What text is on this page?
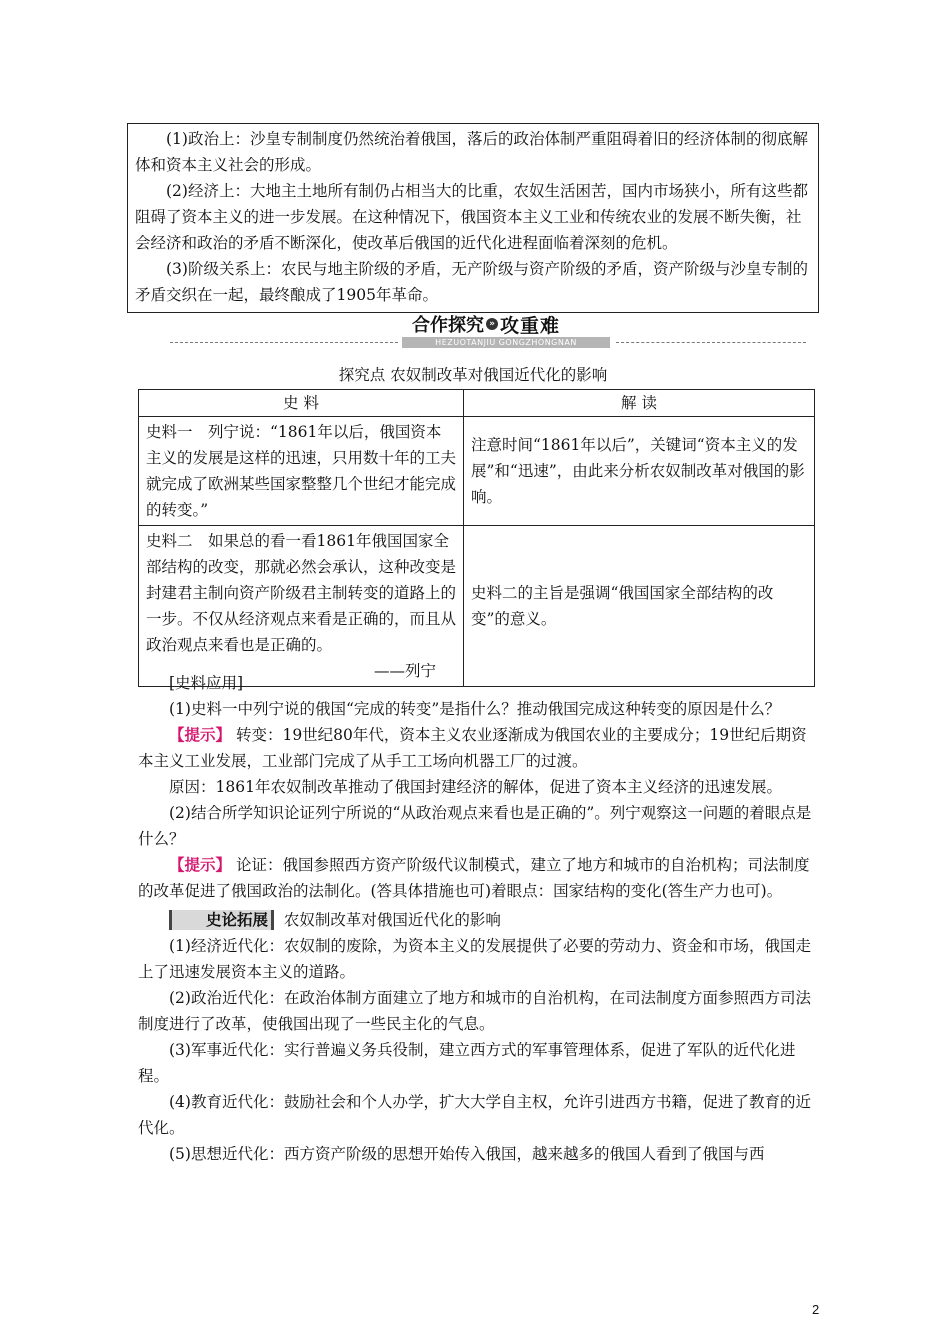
(1)政治上：沙皇专制制度仍然统治着俄国，落后的政治体制严重阻碍着旧的经济体制的彻底解体和资本主义社会的形成。

(2)经济上：大地主土地所有制仍占相当大的比重，农奴生活困苦，国内市场狭小，所有这些都阻碍了资本主义的进一步发展。在这种情况下，俄国资本主义工业和传统农业的发展不断失衡，社会经济和政治的矛盾不断深化，使改革后俄国的近代化进程面临着深刻的危机。

(3)阶级关系上：农民与地主阶级的矛盾，无产阶级与资产阶级的矛盾，资产阶级与沙皇专制的矛盾交织在一起，最终酿成了1905年革命。

合作探究 » 攻重难
HEZUOTANJIU GONGZHONGNAN
探究点 农奴制改革对俄国近代化的影响
史 料	解 读
史料一　列宁说：“1861年以后，俄国资本主义的发展是这样的迅速，只用数十年的工夫就完成了欧洲某些国家整整几个世纪才能完成的转变。”	注意时间“1861年以后”，关键词“资本主义的发展”和“迅速”，由此来分析农奴制改革对俄国的影响。

史料二　如果总的看一看1861年俄国国家全部结构的改变，那就必然会承认，这种改变是封建君主制向资产阶级君主制转变的道路上的一步。不仅从经济观点来看是正确的，而且从政治观点来看也是正确的。
——列宁	史料二的主旨是强调“俄国国家全部结构的改变”的意义。

[史料应用]

(1)史料一中列宁说的俄国“完成的转变”是指什么？推动俄国完成这种转变的原因是什么？

【提示】 转变：19世纪80年代，资本主义农业逐渐成为俄国农业的主要成分；19世纪后期资本主义工业发展，工业部门完成了从手工工场向机器工厂的过渡。

原因：1861年农奴制改革推动了俄国封建经济的解体，促进了资本主义经济的迅速发展。

(2)结合所学知识论证列宁所说的“从政治观点来看也是正确的”。列宁观察这一问题的着眼点是什么？

【提示】 论证：俄国参照西方资产阶级代议制模式，建立了地方和城市的自治机构；司法制度的改革促进了俄国政治的法制化。(答具体措施也可)着眼点：国家结构的变化(答生产力也可)。

史论拓展 农奴制改革对俄国近代化的影响

(1)经济近代化：农奴制的废除，为资本主义的发展提供了必要的劳动力、资金和市场，俄国走上了迅速发展资本主义的道路。

(2)政治近代化：在政治体制方面建立了地方和城市的自治机构，在司法制度方面参照西方司法制度进行了改革，使俄国出现了一些民主化的气息。

(3)军事近代化：实行普遍义务兵役制，建立西方式的军事管理体系，促进了军队的近代化进程。

(4)教育近代化：鼓励社会和个人办学，扩大大学自主权，允许引进西方书籍，促进了教育的近代化。

(5)思想近代化：西方资产阶级的思想开始传入俄国，越来越多的俄国人看到了俄国与西

2
